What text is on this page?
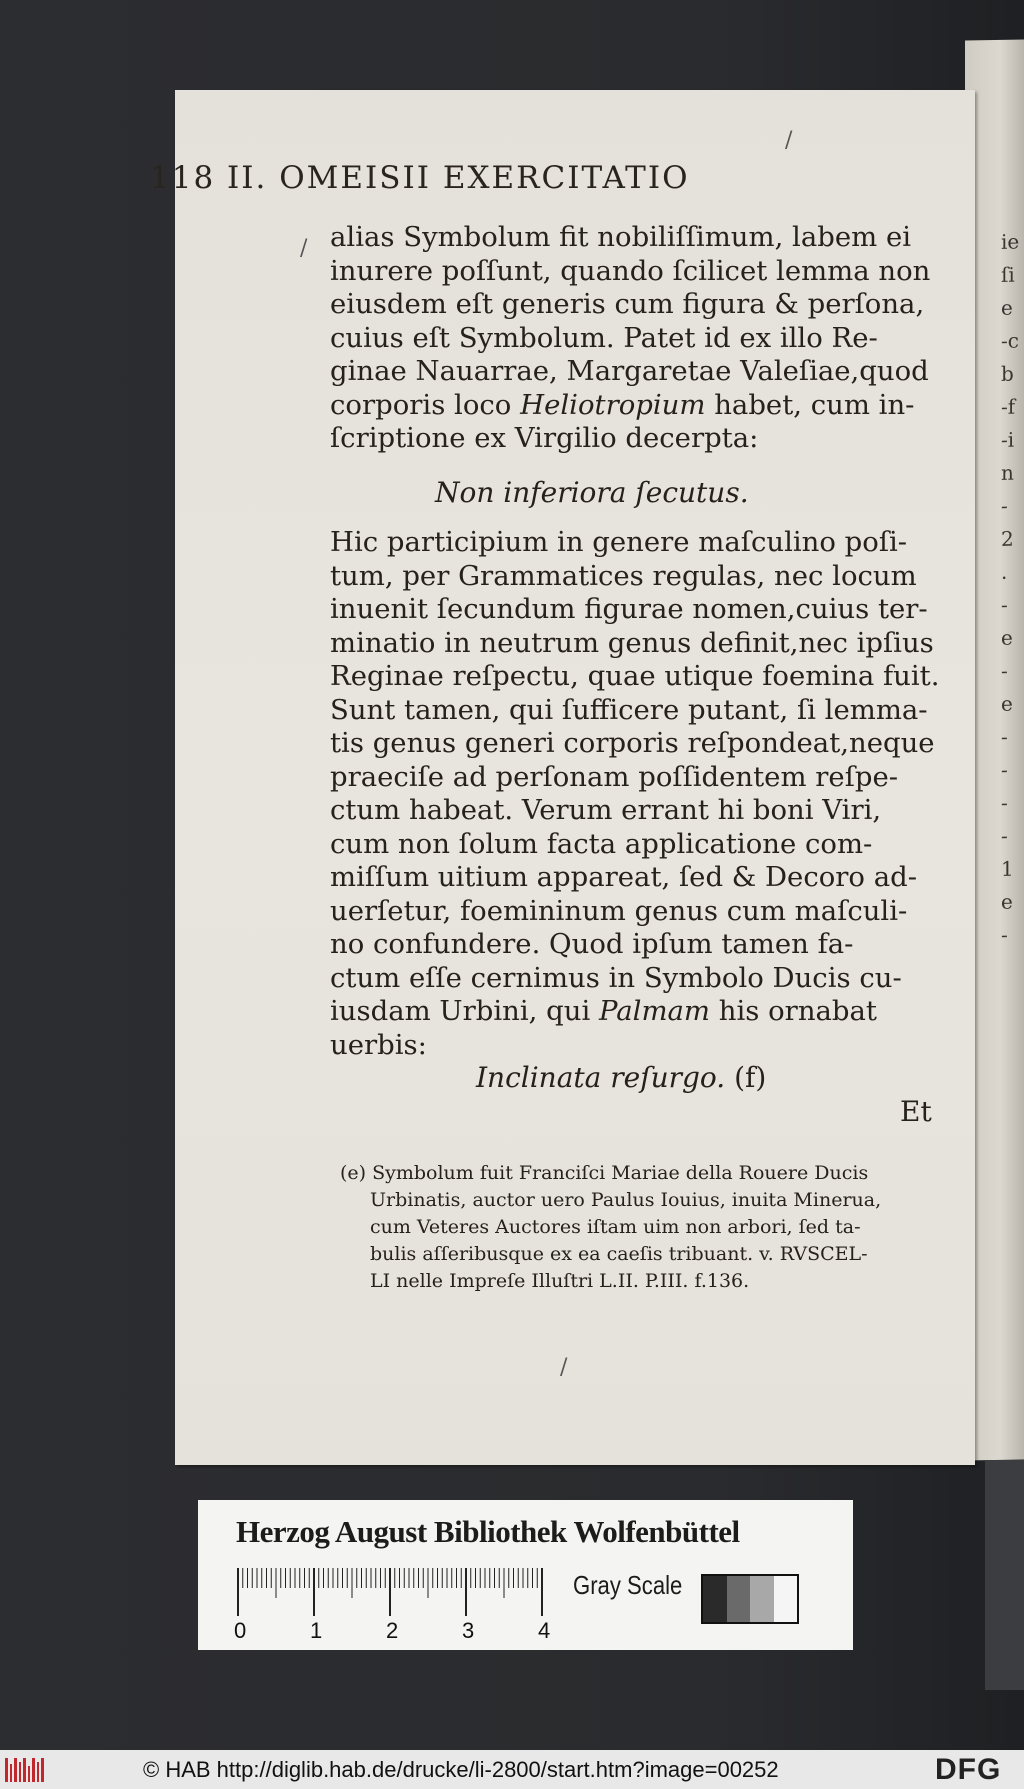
ie
ſi
e
-c
b
-f
-i
n
-
2
.
-
e
-
e
-
-
-
-
1
e
-
118 II. OMEISII EXERCITATIO
alias Symbolum fit nobiliſſimum, labem ei
inurere poſſunt, quando ſcilicet lemma non
eiusdem eſt generis cum figura & perſona,
cuius eſt Symbolum. Patet id ex illo Re-
ginae Nauarrae, Margaretae Valeſiae,quod
corporis loco Heliotropium habet, cum in-
ſcriptione ex Virgilio decerpta:
Non inferiora ſecutus.
Hic participium in genere maſculino poſi-
tum, per Grammatices regulas, nec locum
inuenit ſecundum figurae nomen,cuius ter-
minatio in neutrum genus definit,nec ipſius
Reginae reſpectu, quae utique foemina fuit.
Sunt tamen, qui ſufficere putant, ſi lemma-
tis genus generi corporis reſpondeat,neque
praeciſe ad perſonam poſſidentem reſpe-
ctum habeat. Verum errant hi boni Viri,
cum non ſolum facta applicatione com-
miſſum uitium appareat, ſed & Decoro ad-
uerſetur, foemininum genus cum maſculi-
no confundere. Quod ipſum tamen fa-
ctum eſſe cernimus in Symbolo Ducis cu-
iusdam Urbini, qui Palmam his ornabat
uerbis:
Inclinata reſurgo. (f)
Et
(e) Symbolum fuit Franciſci Mariae della Rouere Ducis
Urbinatis, auctor uero Paulus Iouius, inuita Minerua,
cum Veteres Auctores iſtam uim non arbori, ſed ta-
bulis aſſeribusque ex ea caeſis tribuant. v. RVSCEL-
LI nelle Impreſe Illuſtri L.II. P.III. f.136.
/
/
/
Herzog August Bibliothek Wolfenbüttel
0	1	2	3	4
Gray Scale
© HAB http://diglib.hab.de/drucke/li-2800/start.htm?image=00252	DFG
